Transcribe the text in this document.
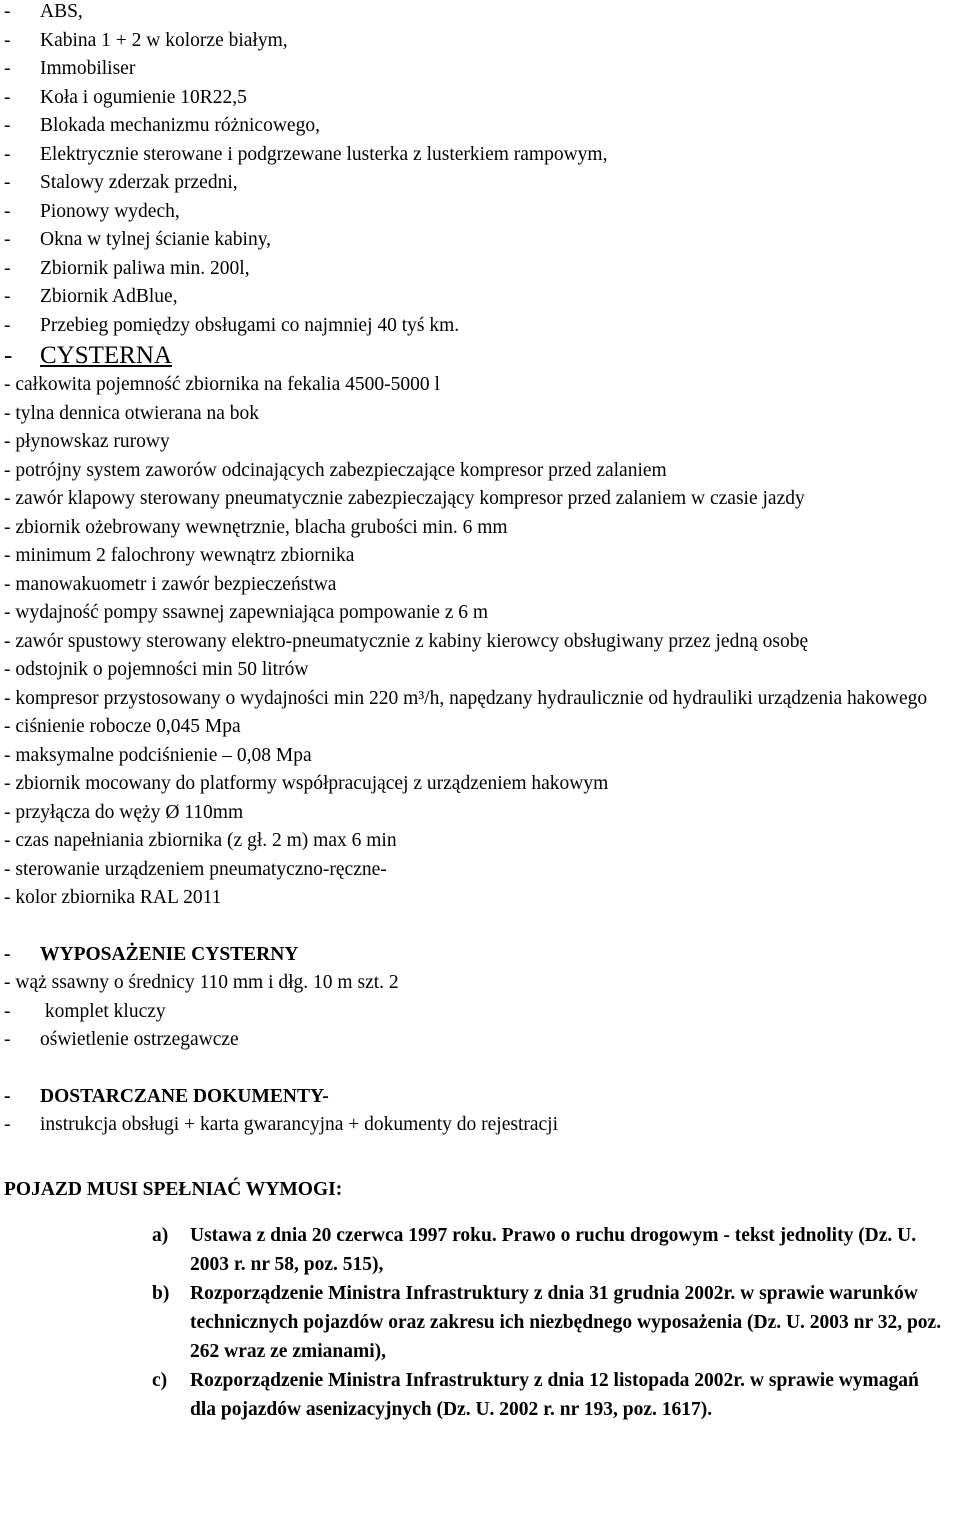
-	ABS,
-	Kabina 1 + 2 w kolorze białym,
-	Immobiliser
-	Koła i ogumienie 10R22,5
-	Blokada mechanizmu różnicowego,
-	Elektrycznie sterowane i podgrzewane lusterka z lusterkiem rampowym,
-	Stalowy zderzak przedni,
-	Pionowy wydech,
-	Okna w tylnej ścianie kabiny,
-	Zbiornik paliwa min. 200l,
-	Zbiornik AdBlue,
-	Przebieg pomiędzy obsługami co najmniej 40 tyś km.
-	CYSTERNA
- całkowita pojemność zbiornika na fekalia 4500-5000 l
- tylna dennica otwierana na bok
- płynowskaz rurowy
- potrójny system zaworów odcinających zabezpieczające kompresor przed zalaniem
- zawór klapowy sterowany pneumatycznie zabezpieczający kompresor przed zalaniem w czasie jazdy
- zbiornik ożebrowany wewnętrznie, blacha grubości min. 6 mm
- minimum 2 falochrony wewnątrz zbiornika
- manowakuometr i zawór bezpieczeństwa
- wydajność pompy ssawnej zapewniająca pompowanie z 6 m
- zawór spustowy sterowany elektro-pneumatycznie z kabiny kierowcy obsługiwany przez jedną osobę
- odstojnik o pojemności min 50 litrów
- kompresor przystosowany o wydajności min 220 m³/h, napędzany hydraulicznie od hydrauliki urządzenia hakowego
- ciśnienie robocze 0,045 Mpa
- maksymalne podciśnienie – 0,08 Mpa
- zbiornik mocowany do platformy współpracującej z urządzeniem hakowym
- przyłącza do węży Ø 110mm
- czas napełniania zbiornika (z gł. 2 m) max 6 min
- sterowanie urządzeniem pneumatyczno-ręczne-
- kolor zbiornika RAL 2011
-	WYPOSAŻENIE CYSTERNY
- wąż ssawny o średnicy 110 mm i dłg. 10 m szt. 2
-	komplet kluczy
-	oświetlenie ostrzegawcze
-	DOSTARCZANE DOKUMENTY-
-	instrukcja obsługi + karta gwarancyjna + dokumenty do rejestracji
POJAZD MUSI SPEŁNIAĆ WYMOGI:
a)	Ustawa z dnia 20 czerwca 1997 roku. Prawo o ruchu drogowym - tekst jednolity (Dz. U. 2003 r. nr 58, poz. 515),
b)	Rozporządzenie Ministra Infrastruktury z dnia 31 grudnia 2002r. w sprawie warunków technicznych pojazdów oraz zakresu ich niezbędnego wyposażenia (Dz. U. 2003 nr 32, poz. 262 wraz ze zmianami),
c)	Rozporządzenie Ministra Infrastruktury z dnia 12 listopada 2002r. w sprawie wymagań dla pojazdów asenizacyjnych (Dz. U. 2002 r. nr 193, poz. 1617).
